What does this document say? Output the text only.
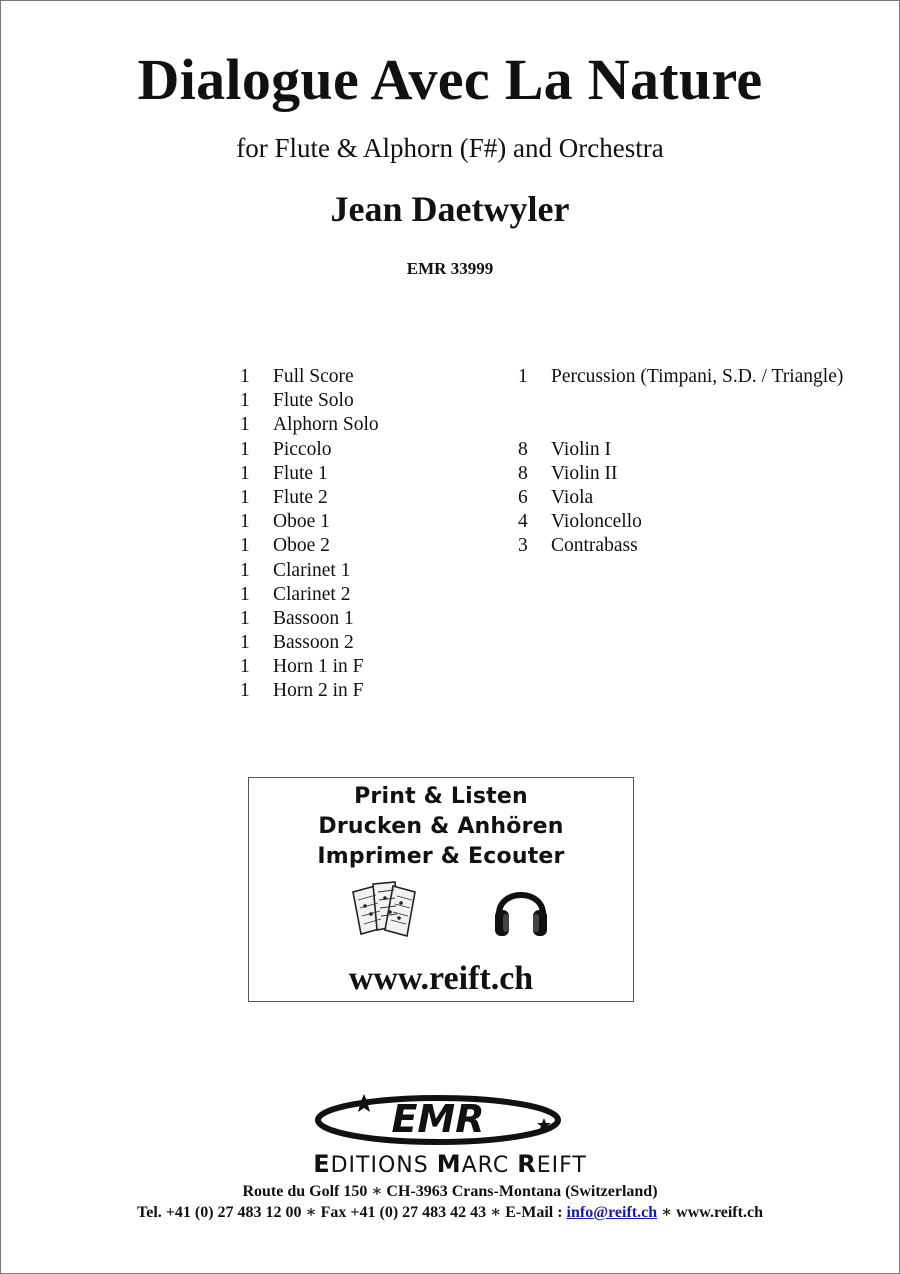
Dialogue Avec La Nature
for Flute & Alphorn (F#) and Orchestra
Jean Daetwyler
EMR 33999
1 Full Score
1 Flute Solo
1 Alphorn Solo
1 Piccolo
1 Flute 1
1 Flute 2
1 Oboe 1
1 Oboe 2
1 Clarinet 1
1 Clarinet 2
1 Bassoon 1
1 Bassoon 2
1 Horn 1 in F
1 Horn 2 in F
1 Percussion (Timpani, S.D. / Triangle)
8 Violin I
8 Violin II
6 Viola
4 Violoncello
3 Contrabass
Print & Listen
Drucken & Anhören
Imprimer & Ecouter
www.reift.ch
EMR
EDITIONS MARC REIFT
Route du Golf 150 ∗ CH-3963 Crans-Montana (Switzerland)
Tel. +41 (0) 27 483 12 00 ∗ Fax +41 (0) 27 483 42 43 ∗ E-Mail : info@reift.ch ∗ www.reift.ch
